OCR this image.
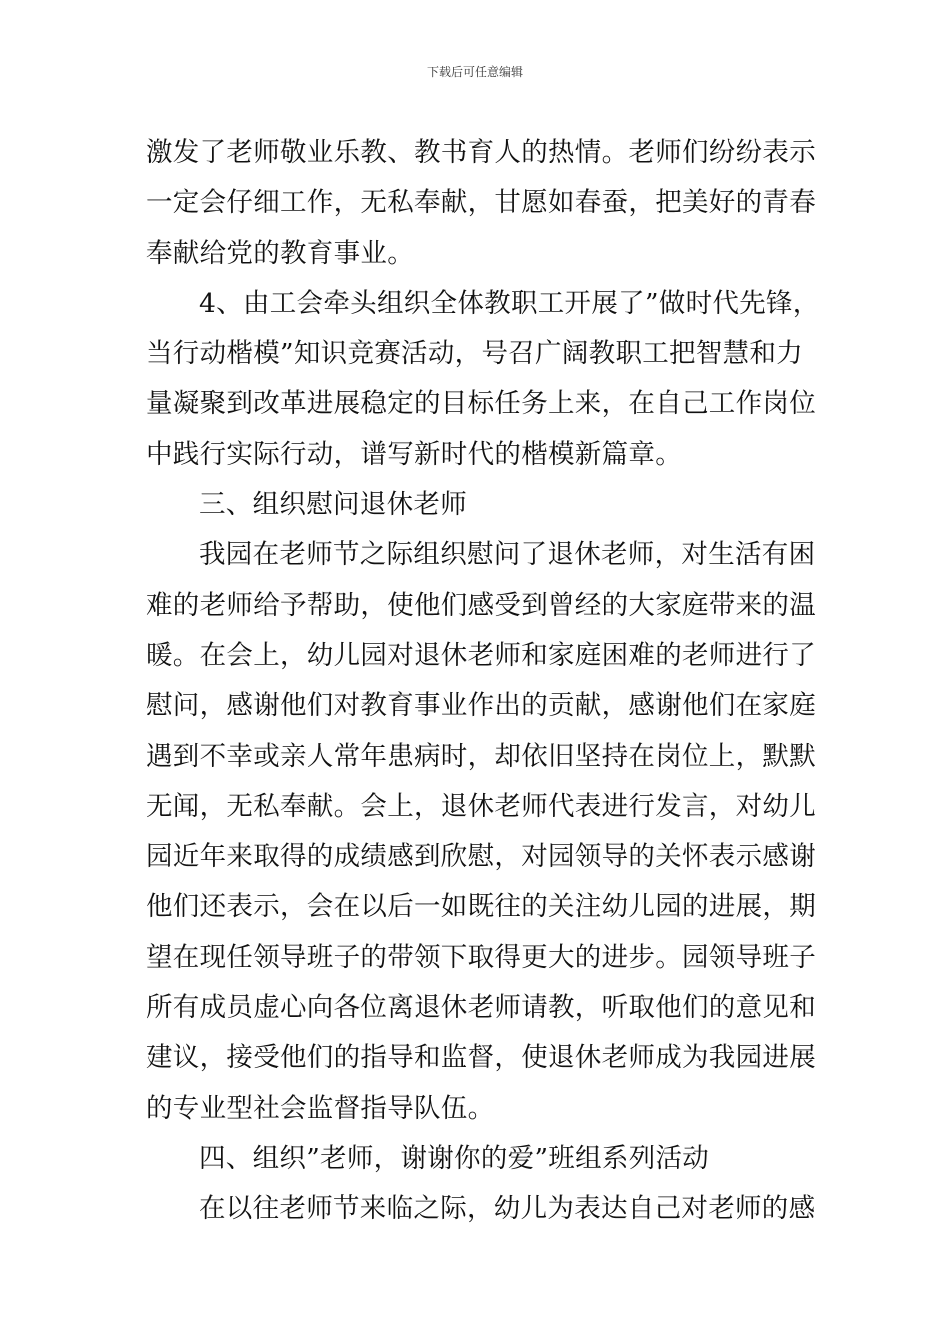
下载后可任意编辑
激发了老师敬业乐教、教书育人的热情。老师们纷纷表示
一定会仔细工作，无私奉献，甘愿如春蚕，把美好的青春
奉献给党的教育事业。
4、由工会牵头组织全体教职工开展了”做时代先锋，
当行动楷模”知识竞赛活动，号召广阔教职工把智慧和力
量凝聚到改革进展稳定的目标任务上来，在自己工作岗位
中践行实际行动，谱写新时代的楷模新篇章。
三、组织慰问退休老师
我园在老师节之际组织慰问了退休老师，对生活有困
难的老师给予帮助，使他们感受到曾经的大家庭带来的温
暖。在会上，幼儿园对退休老师和家庭困难的老师进行了
慰问，感谢他们对教育事业作出的贡献，感谢他们在家庭
遇到不幸或亲人常年患病时，却依旧坚持在岗位上，默默
无闻，无私奉献。会上，退休老师代表进行发言，对幼儿
园近年来取得的成绩感到欣慰，对园领导的关怀表示感谢
他们还表示，会在以后一如既往的关注幼儿园的进展，期
望在现任领导班子的带领下取得更大的进步。园领导班子
所有成员虚心向各位离退休老师请教，听取他们的意见和
建议，接受他们的指导和监督，使退休老师成为我园进展
的专业型社会监督指导队伍。
四、组织”老师，谢谢你的爱”班组系列活动
在以往老师节来临之际，幼儿为表达自己对老师的感
